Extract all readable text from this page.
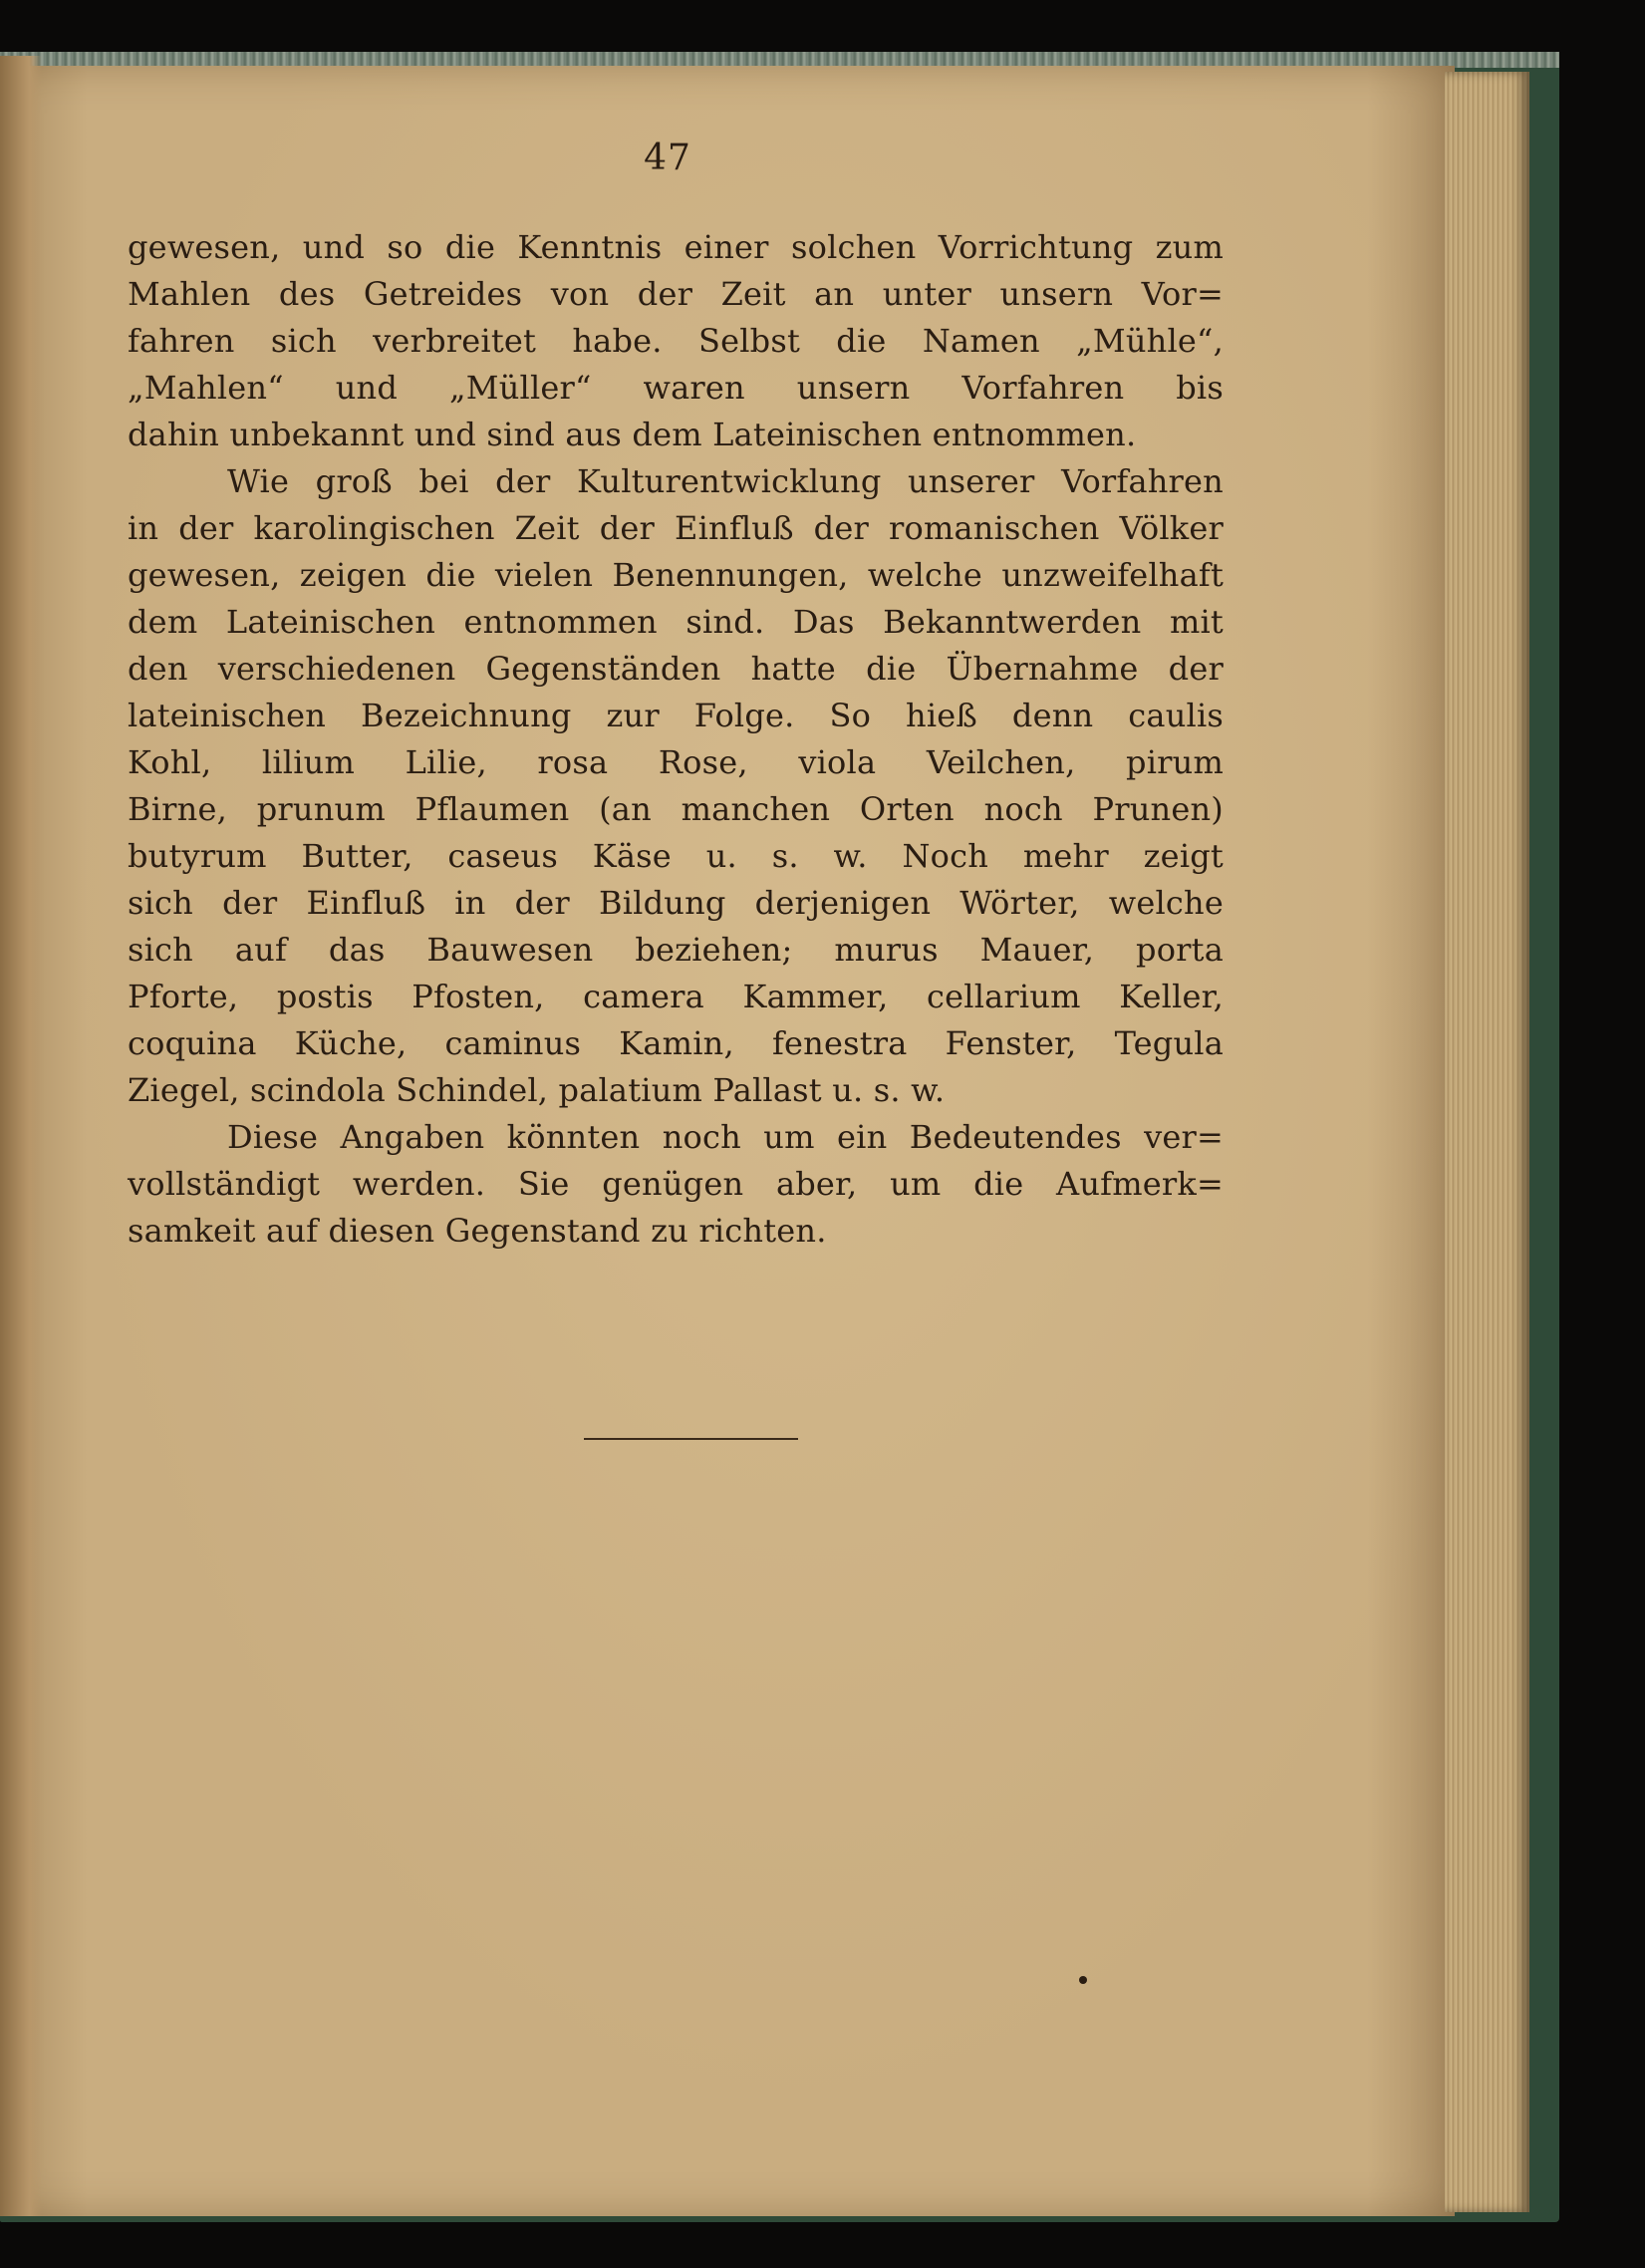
47
gewesen, und so die Kenntnis einer solchen Vorrichtung zum
Mahlen des Getreides von der Zeit an unter unsern Vor=
fahren sich verbreitet habe. Selbst die Namen „Mühle“,
„Mahlen“ und „Müller“ waren unsern Vorfahren bis
dahin unbekannt und sind aus dem Lateinischen entnommen.
Wie groß bei der Kulturentwicklung unserer Vorfahren
in der karolingischen Zeit der Einfluß der romanischen Völker
gewesen, zeigen die vielen Benennungen, welche unzweifelhaft
dem Lateinischen entnommen sind. Das Bekanntwerden mit
den verschiedenen Gegenständen hatte die Übernahme der
lateinischen Bezeichnung zur Folge. So hieß denn caulis
Kohl, lilium Lilie, rosa Rose, viola Veilchen, pirum
Birne, prunum Pflaumen (an manchen Orten noch Prunen)
butyrum Butter, caseus Käse u. s. w. Noch mehr zeigt
sich der Einfluß in der Bildung derjenigen Wörter, welche
sich auf das Bauwesen beziehen; murus Mauer, porta
Pforte, postis Pfosten, camera Kammer, cellarium Keller,
coquina Küche, caminus Kamin, fenestra Fenster, Tegula
Ziegel, scindola Schindel, palatium Pallast u. s. w.
Diese Angaben könnten noch um ein Bedeutendes ver=
vollständigt werden. Sie genügen aber, um die Aufmerk=
samkeit auf diesen Gegenstand zu richten.
